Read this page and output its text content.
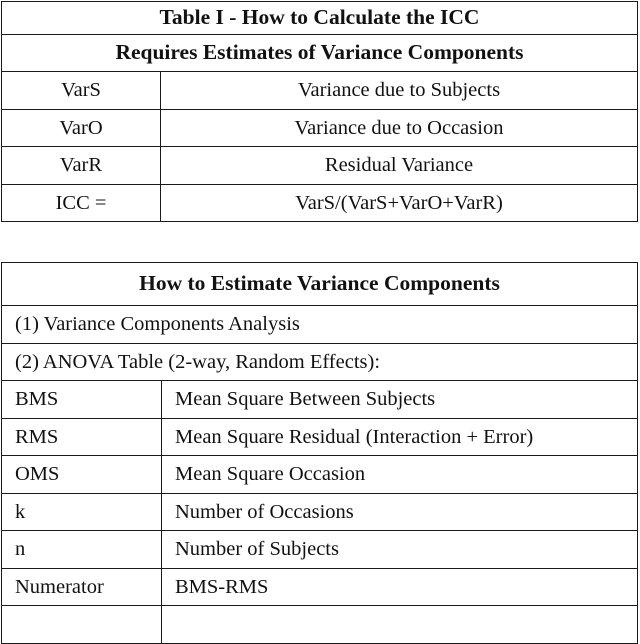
Table I - How to Calculate the ICC	
Requires Estimates of Variance Components	
VarS	Variance due to Subjects
VarO	Variance due to Occasion
VarR	Residual Variance
ICC =	VarS/(VarS+VarO+VarR)
How to Estimate Variance Components	
(1) Variance Components Analysis	
(2) ANOVA Table (2-way, Random Effects):	
BMS	Mean Square Between Subjects
RMS	Mean Square Residual (Interaction + Error)
OMS	Mean Square Occasion
k	Number of Occasions
n	Number of Subjects
Numerator	BMS-RMS
